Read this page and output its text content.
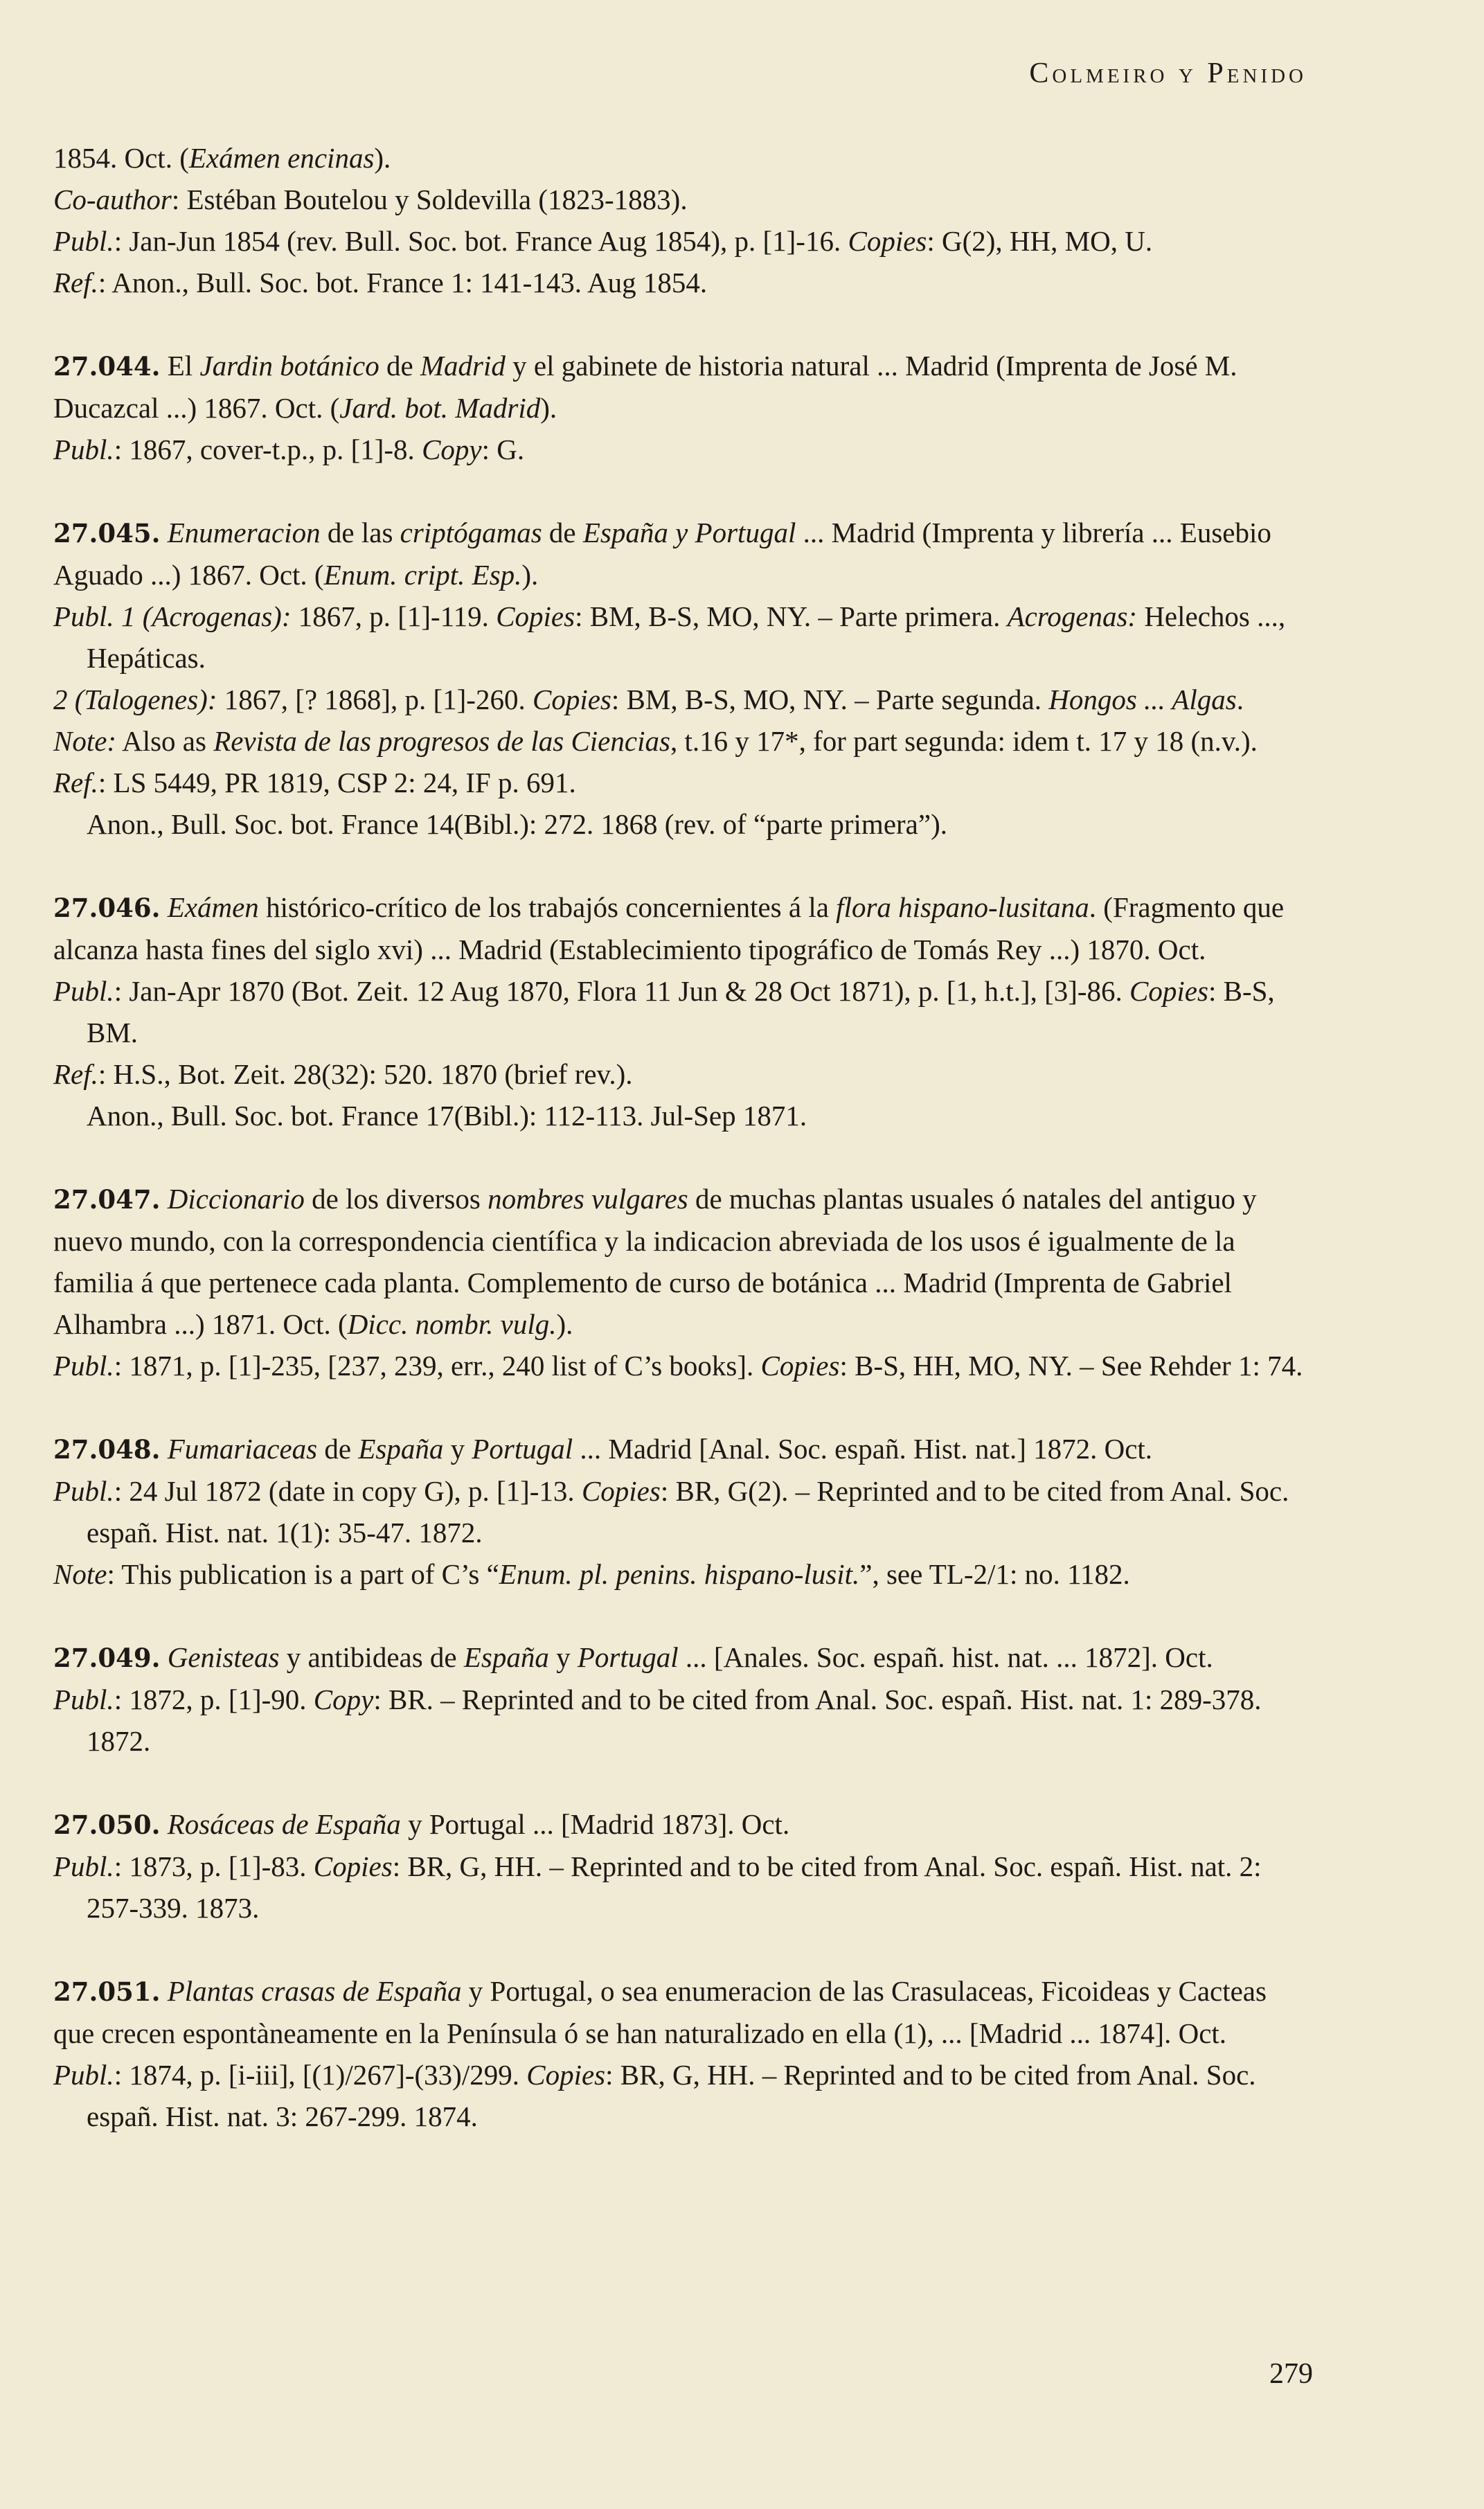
Colmeiro y Penido

1854. Oct. (Exámen encinas).

Co-author: Estéban Boutelou y Soldevilla (1823-1883).

Publ.: Jan-Jun 1854 (rev. Bull. Soc. bot. France Aug 1854), p. [1]-16. Copies: G(2), HH, MO, U.

Ref.: Anon., Bull. Soc. bot. France 1: 141-143. Aug 1854.

27.044. El Jardin botánico de Madrid y el gabinete de historia natural ... Madrid (Imprenta de José M. Ducazcal ...) 1867. Oct. (Jard. bot. Madrid).

Publ.: 1867, cover-t.p., p. [1]-8. Copy: G.

27.045. Enumeracion de las criptógamas de España y Portugal ... Madrid (Imprenta y librería ... Eusebio Aguado ...) 1867. Oct. (Enum. cript. Esp.).

Publ. 1 (Acrogenas): 1867, p. [1]-119. Copies: BM, B-S, MO, NY. – Parte primera. Acrogenas: Helechos ..., Hepáticas.

2 (Talogenes): 1867, [? 1868], p. [1]-260. Copies: BM, B-S, MO, NY. – Parte segunda. Hongos ... Algas.

Note: Also as Revista de las progresos de las Ciencias, t.16 y 17*, for part segunda: idem t. 17 y 18 (n.v.).

Ref.: LS 5449, PR 1819, CSP 2: 24, IF p. 691.

Anon., Bull. Soc. bot. France 14(Bibl.): 272. 1868 (rev. of “parte primera”).

27.046. Exámen histórico-crítico de los trabajós concernientes á la flora hispano-lusitana. (Fragmento que alcanza hasta fines del siglo xvi) ... Madrid (Establecimiento tipográfico de Tomás Rey ...) 1870. Oct.

Publ.: Jan-Apr 1870 (Bot. Zeit. 12 Aug 1870, Flora 11 Jun & 28 Oct 1871), p. [1, h.t.], [3]-86. Copies: B-S, BM.

Ref.: H.S., Bot. Zeit. 28(32): 520. 1870 (brief rev.).

Anon., Bull. Soc. bot. France 17(Bibl.): 112-113. Jul-Sep 1871.

27.047. Diccionario de los diversos nombres vulgares de muchas plantas usuales ó natales del antiguo y nuevo mundo, con la correspondencia científica y la indicacion abreviada de los usos é igualmente de la familia á que pertenece cada planta. Complemento de curso de botánica ... Madrid (Imprenta de Gabriel Alhambra ...) 1871. Oct. (Dicc. nombr. vulg.).

Publ.: 1871, p. [1]-235, [237, 239, err., 240 list of C’s books]. Copies: B-S, HH, MO, NY. – See Rehder 1: 74.

27.048. Fumariaceas de España y Portugal ... Madrid [Anal. Soc. españ. Hist. nat.] 1872. Oct.

Publ.: 24 Jul 1872 (date in copy G), p. [1]-13. Copies: BR, G(2). – Reprinted and to be cited from Anal. Soc. españ. Hist. nat. 1(1): 35-47. 1872.

Note: This publication is a part of C’s “Enum. pl. penins. hispano-lusit.”, see TL-2/1: no. 1182.

27.049. Genisteas y antibideas de España y Portugal ... [Anales. Soc. españ. hist. nat. ... 1872]. Oct.

Publ.: 1872, p. [1]-90. Copy: BR. – Reprinted and to be cited from Anal. Soc. españ. Hist. nat. 1: 289-378. 1872.

27.050. Rosáceas de España y Portugal ... [Madrid 1873]. Oct.

Publ.: 1873, p. [1]-83. Copies: BR, G, HH. – Reprinted and to be cited from Anal. Soc. españ. Hist. nat. 2: 257-339. 1873.

27.051. Plantas crasas de España y Portugal, o sea enumeracion de las Crasulaceas, Ficoideas y Cacteas que crecen espontàneamente en la Península ó se han naturalizado en ella (1), ... [Madrid ... 1874]. Oct.

Publ.: 1874, p. [i-iii], [(1)/267]-(33)/299. Copies: BR, G, HH. – Reprinted and to be cited from Anal. Soc. españ. Hist. nat. 3: 267-299. 1874.

279
